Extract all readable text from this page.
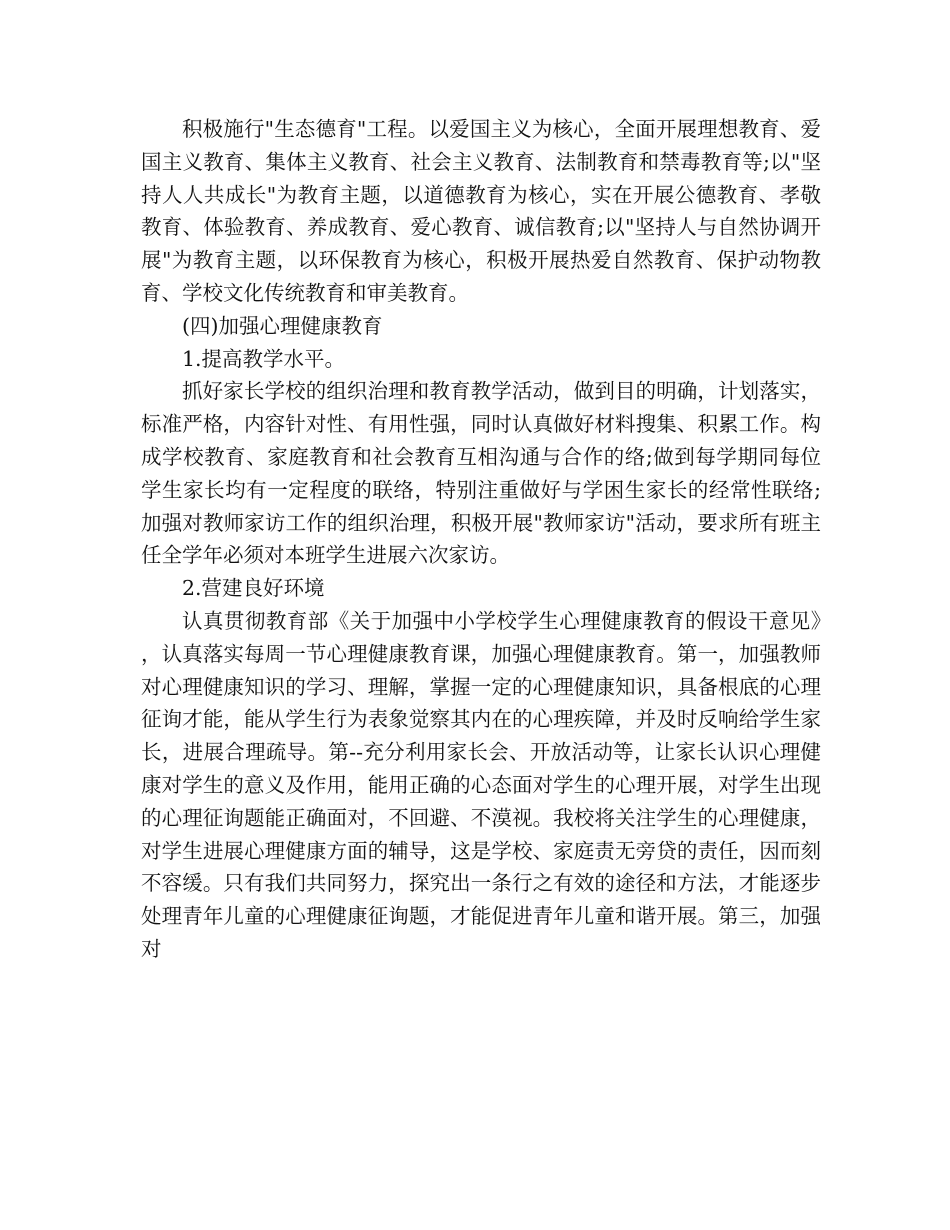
积极施行"生态德育"工程。以爱国主义为核心，全面开展理想教育、爱国主义教育、集体主义教育、社会主义教育、法制教育和禁毒教育等;以"坚持人人共成长"为教育主题，以道德教育为核心，实在开展公德教育、孝敬教育、体验教育、养成教育、爱心教育、诚信教育;以"坚持人与自然协调开展"为教育主题，以环保教育为核心，积极开展热爱自然教育、保护动物教育、学校文化传统教育和审美教育。

(四)加强心理健康教育

1.提高教学水平。

抓好家长学校的组织治理和教育教学活动，做到目的明确，计划落实，标准严格，内容针对性、有用性强，同时认真做好材料搜集、积累工作。构成学校教育、家庭教育和社会教育互相沟通与合作的络;做到每学期同每位学生家长均有一定程度的联络，特别注重做好与学困生家长的经常性联络;加强对教师家访工作的组织治理，积极开展"教师家访"活动，要求所有班主任全学年必须对本班学生进展六次家访。

2.营建良好环境

认真贯彻教育部《关于加强中小学校学生心理健康教育的假设干意见》，认真落实每周一节心理健康教育课，加强心理健康教育。第一，加强教师对心理健康知识的学习、理解，掌握一定的心理健康知识，具备根底的心理征询才能，能从学生行为表象觉察其内在的心理疾障，并及时反响给学生家长，进展合理疏导。第--充分利用家长会、开放活动等，让家长认识心理健康对学生的意义及作用，能用正确的心态面对学生的心理开展，对学生出现的心理征询题能正确面对，不回避、不漠视。我校将关注学生的心理健康，对学生进展心理健康方面的辅导，这是学校、家庭责无旁贷的责任，因而刻不容缓。只有我们共同努力，探究出一条行之有效的途径和方法，才能逐步处理青年儿童的心理健康征询题，才能促进青年儿童和谐开展。第三，加强对
